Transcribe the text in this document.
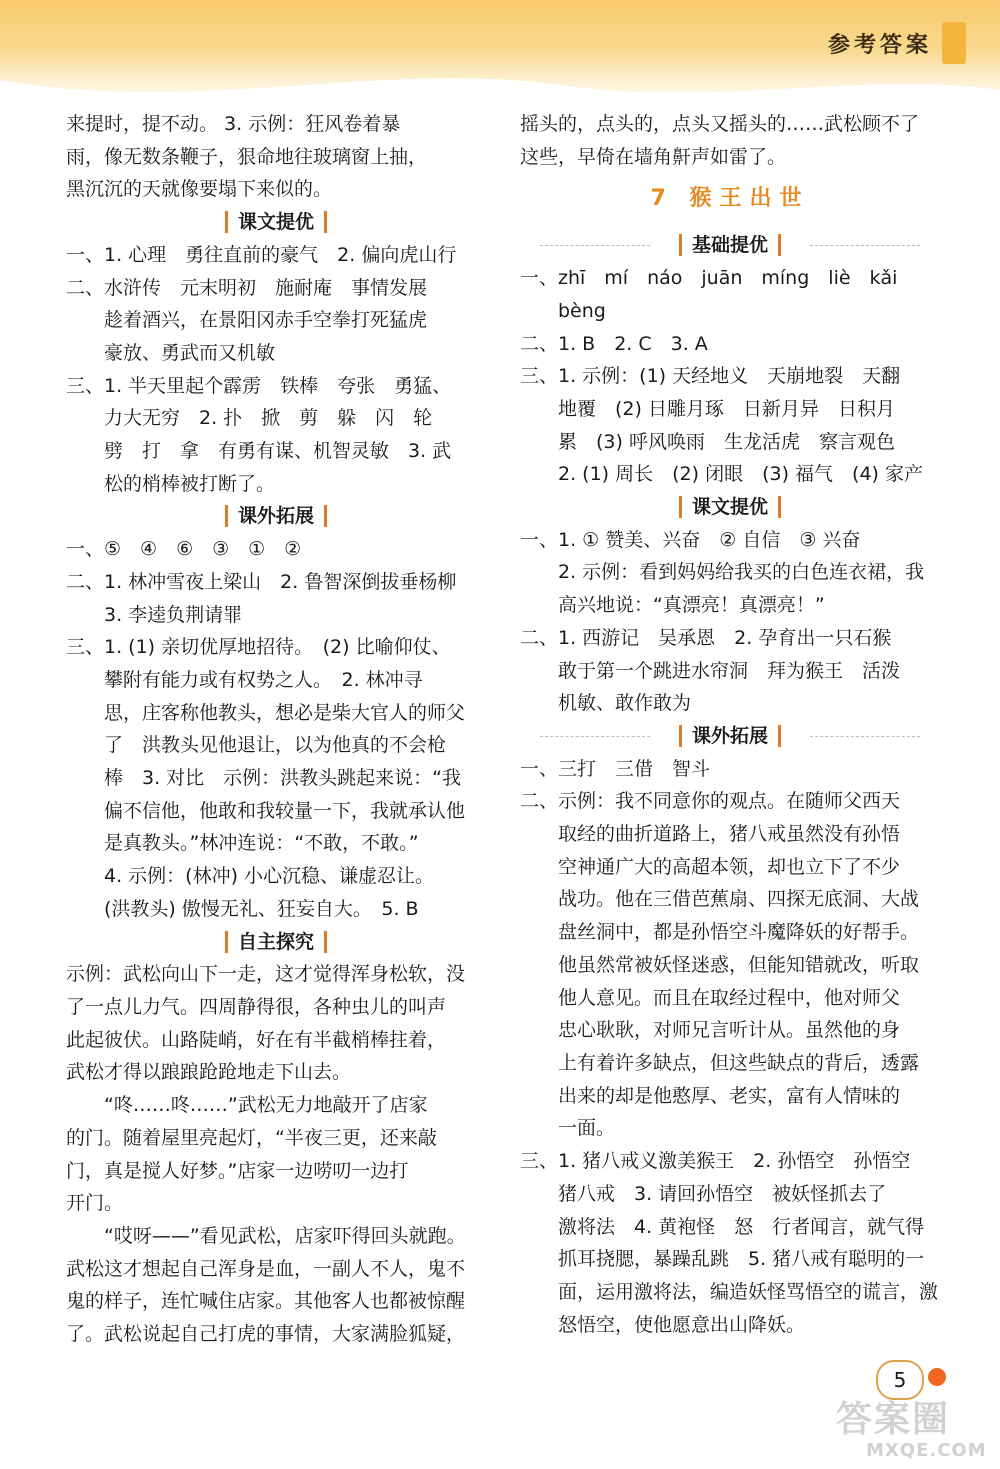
参考答案

来提时，提不动。 3. 示例：狂风卷着暴

雨，像无数条鞭子，狠命地往玻璃窗上抽，

黑沉沉的天就像要塌下来似的。

课文提优

一、1. 心理　勇往直前的豪气　2. 偏向虎山行

二、水浒传　元末明初　施耐庵　事情发展

趁着酒兴，在景阳冈赤手空拳打死猛虎

豪放、勇武而又机敏

三、1. 半天里起个霹雳　铁棒　夸张　勇猛、

力大无穷　2. 扑　掀　剪　躲　闪　轮

劈　打　拿　有勇有谋、机智灵敏　3. 武

松的梢棒被打断了。

课外拓展

一、⑤　④　⑥　③　①　②

二、1. 林冲雪夜上梁山　2. 鲁智深倒拔垂杨柳

3. 李逵负荆请罪

三、1. (1) 亲切优厚地招待。　(2) 比喻仰仗、

攀附有能力或有权势之人。　2. 林冲寻

思，庄客称他教头，想必是柴大官人的师父

了　洪教头见他退让，以为他真的不会枪

棒　3. 对比　示例：洪教头跳起来说：“我

偏不信他，他敢和我较量一下，我就承认他

是真教头。”林冲连说：“不敢，不敢。”

4. 示例：(林冲) 小心沉稳、谦虚忍让。

(洪教头) 傲慢无礼、狂妄自大。　5. B

自主探究

示例：武松向山下一走，这才觉得浑身松软，没

了一点儿力气。四周静得很，各种虫儿的叫声

此起彼伏。山路陡峭，好在有半截梢棒拄着，

武松才得以踉踉跄跄地走下山去。

“咚……咚……”武松无力地敲开了店家

的门。随着屋里亮起灯，“半夜三更，还来敲

门，真是搅人好梦。”店家一边唠叨一边打

开门。

“哎呀——”看见武松，店家吓得回头就跑。

武松这才想起自己浑身是血，一副人不人，鬼不

鬼的样子，连忙喊住店家。其他客人也都被惊醒

了。武松说起自己打虎的事情，大家满脸狐疑，

摇头的，点头的，点头又摇头的……武松顾不了

这些，早倚在墙角鼾声如雷了。

7 猴王出世
基础提优

一、zhī　mí　náo　juān　míng　liè　kǎi

bèng

二、1. B　2. C　3. A

三、1. 示例：(1) 天经地义　天崩地裂　天翻

地覆　(2) 日雕月琢　日新月异　日积月

累　(3) 呼风唤雨　生龙活虎　察言观色

2. (1) 周长　(2) 闭眼　(3) 福气　(4) 家产

课文提优

一、1. ① 赞美、兴奋　② 自信　③ 兴奋

2. 示例：看到妈妈给我买的白色连衣裙，我

高兴地说：“真漂亮！真漂亮！”

二、1. 西游记　吴承恩　2. 孕育出一只石猴

敢于第一个跳进水帘洞　拜为猴王　活泼

机敏、敢作敢为

课外拓展

一、三打　三借　智斗

二、示例：我不同意你的观点。在随师父西天

取经的曲折道路上，猪八戒虽然没有孙悟

空神通广大的高超本领，却也立下了不少

战功。他在三借芭蕉扇、四探无底洞、大战

盘丝洞中，都是孙悟空斗魔降妖的好帮手。

他虽然常被妖怪迷惑，但能知错就改，听取

他人意见。而且在取经过程中，他对师父

忠心耿耿，对师兄言听计从。虽然他的身

上有着许多缺点，但这些缺点的背后，透露

出来的却是他憨厚、老实，富有人情味的

一面。

三、1. 猪八戒义激美猴王　2. 孙悟空　孙悟空

猪八戒　3. 请回孙悟空　被妖怪抓去了

激将法　4. 黄袍怪　怒　行者闻言，就气得

抓耳挠腮，暴躁乱跳　5. 猪八戒有聪明的一

面，运用激将法，编造妖怪骂悟空的谎言，激

怒悟空，使他愿意出山降妖。

5
答案圈
MXQE.COM
